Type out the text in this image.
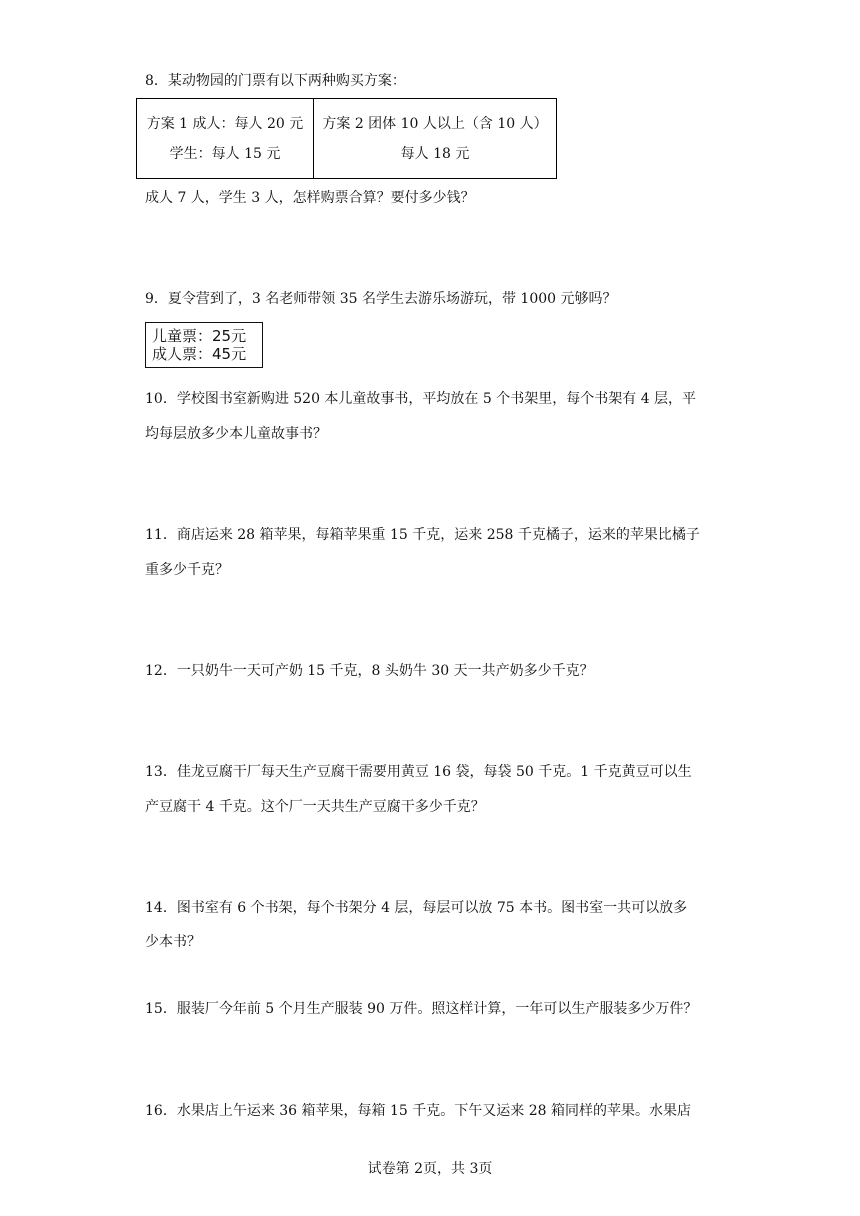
8．某动物园的门票有以下两种购买方案：
方案 1 成人：每人 20 元
学生：每人 15 元

方案 2 团体 10 人以上（含 10 人）
每人 18 元
成人 7 人，学生 3 人，怎样购票合算？要付多少钱？
9．夏令营到了，3 名老师带领 35 名学生去游乐场游玩，带 1000 元够吗？
儿童票：25元
成人票：45元
10．学校图书室新购进 520 本儿童故事书，平均放在 5 个书架里，每个书架有 4 层，平
均每层放多少本儿童故事书？
11．商店运来 28 箱苹果，每箱苹果重 15 千克，运来 258 千克橘子，运来的苹果比橘子
重多少千克？
12．一只奶牛一天可产奶 15 千克，8 头奶牛 30 天一共产奶多少千克？
13．佳龙豆腐干厂每天生产豆腐干需要用黄豆 16 袋，每袋 50 千克。1 千克黄豆可以生
产豆腐干 4 千克。这个厂一天共生产豆腐干多少千克？
14．图书室有 6 个书架，每个书架分 4 层，每层可以放 75 本书。图书室一共可以放多
少本书？
15．服装厂今年前 5 个月生产服装 90 万件。照这样计算，一年可以生产服装多少万件？
16．水果店上午运来 36 箱苹果，每箱 15 千克。下午又运来 28 箱同样的苹果。水果店
试卷第 2页，共 3页
